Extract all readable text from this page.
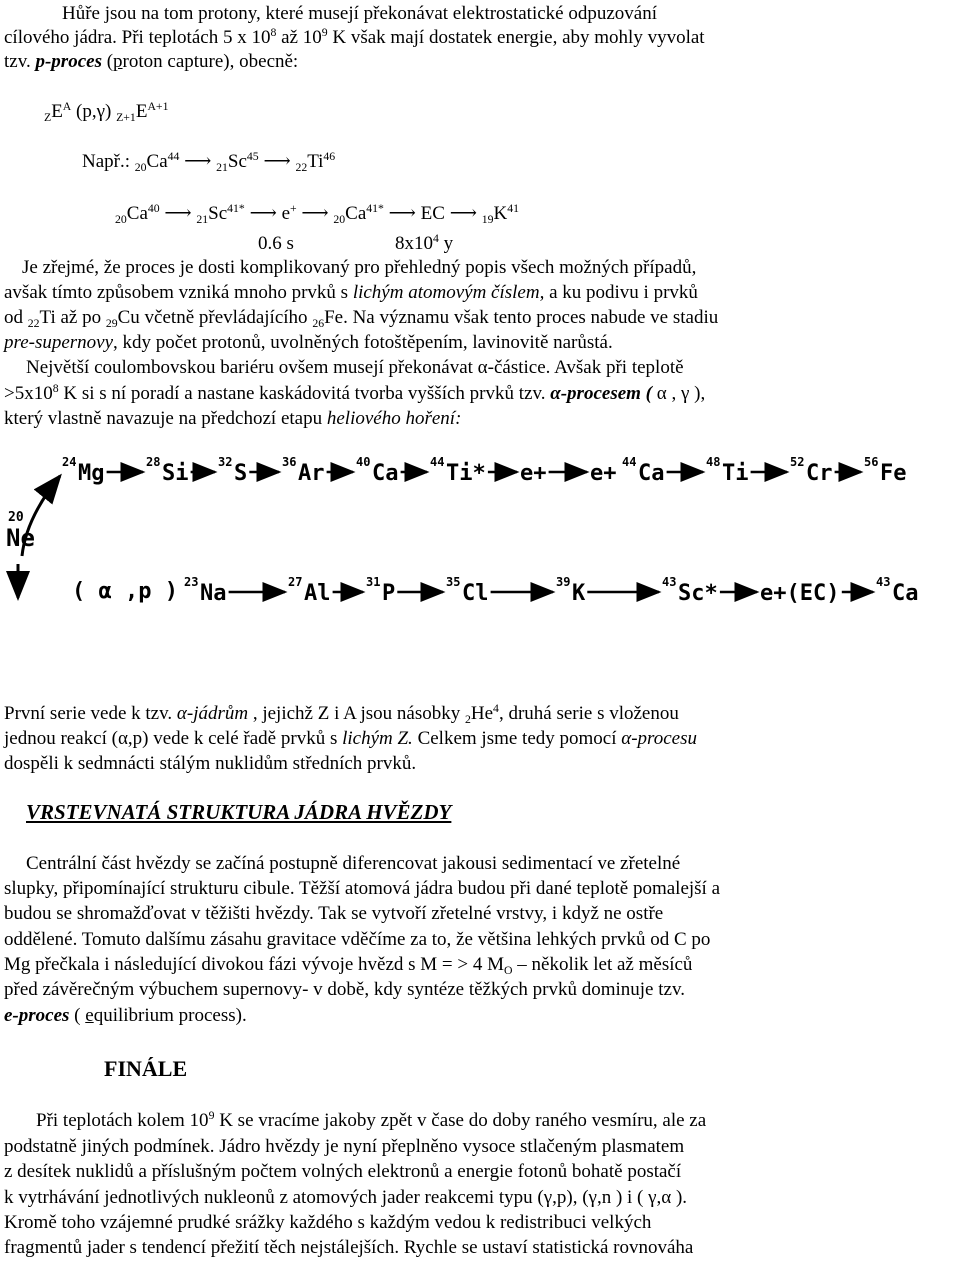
Hůře jsou na tom protony, které musejí překonávat elektrostatické odpuzování
cílového jádra. Při teplotách 5 x $10^8$ až $10^9$ K však mají dostatek energie, aby mohly vyvolat
tzv. p-proces (proton capture), obecně:
$_ZE^A$ (p,γ) $_{Z+1}E^{A+1}$
Např.: $_{20}Ca^{44}$ ⟶ $_{21}Sc^{45}$ ⟶ $_{22}Ti^{46}$
$_{20}Ca^{40}$ ⟶ $_{21}Sc^{41*}$ ⟶ e+ ⟶ $_{20}Ca^{41*}$ ⟶ EC ⟶ $_{19}K^{41}$
0.6 s	$8x10^4$ y
Je zřejmé, že proces je dosti komplikovaný pro přehledný popis všech možných případů,
avšak tímto způsobem vzniká mnoho prvků s lichým atomovým číslem, a ku podivu i prvků
od $_{22}$Ti až po $_{29}$Cu včetně převládajícího $_{26}$Fe. Na významu však tento proces nabude ve stadiu
pre-supernovy, kdy počet protonů, uvolněných fotoštěpením, lavinovitě narůstá.
Největší coulombovskou bariéru ovšem musejí překonávat α-částice. Avšak při teplotě
$>5x10^8$ K si s ní poradí a nastane kaskádovitá tvorba vyšších prvků tzv. α-procesem ( α , γ ),
který vlastně navazuje na předchozí etapu heliového hoření:
24 Mg	28 Si 32 S	36 Ar	40 Ca	44 Ti* e+ e+ 44 Ca	48 Ti	52 Cr	56 Fe
23 Na	27 Al	31 P	35 Cl	39 K	43 Sc* e+(EC)	43 Ca
20
Ne
( α ,p )
První serie vede k tzv. α-jádrům , jejichž Z i A jsou násobky $_2He^4$, druhá serie s vloženou
jednou reakcí (α,p) vede k celé řadě prvků s lichým Z. Celkem jsme tedy pomocí α-procesu
dospěli k sedmnácti stálým nuklidům středních prvků.
VRSTEVNATÁ STRUKTURA JÁDRA HVĚZDY
Centrální část hvězdy se začíná postupně diferencovat jakousi sedimentací ve zřetelné
slupky, připomínající strukturu cibule. Těžší atomová jádra budou při dané teplotě pomalejší a
budou se shromažďovat v těžišti hvězdy. Tak se vytvoří zřetelné vrstvy, i když ne ostře
oddělené. Tomuto dalšímu zásahu gravitace vděčíme za to, že většina lehkých prvků od C po
Mg přečkala i následující divokou fázi vývoje hvězd s M = > 4 $M_O$ – několik let až měsíců
před závěrečným výbuchem supernovy- v době, kdy syntéze těžkých prvků dominuje tzv.
e-proces ( equilibrium process).
FINÁLE
Při teplotách kolem $10^9$ K se vracíme jakoby zpět v čase do doby raného vesmíru, ale za
podstatně jiných podmínek. Jádro hvězdy je nyní přeplněno vysoce stlačeným plasmatem
z desítek nuklidů a příslušným počtem volných elektronů a energie fotonů bohatě postačí
k vytrhávání jednotlivých nukleonů z atomových jader reakcemi typu (γ,p), (γ,n ) i ( γ,α ).
Kromě toho vzájemné prudké srážky každého s každým vedou k redistribuci velkých
fragmentů jader s tendencí přežití těch nejstálejších. Rychle se ustaví statistická rovnováha
